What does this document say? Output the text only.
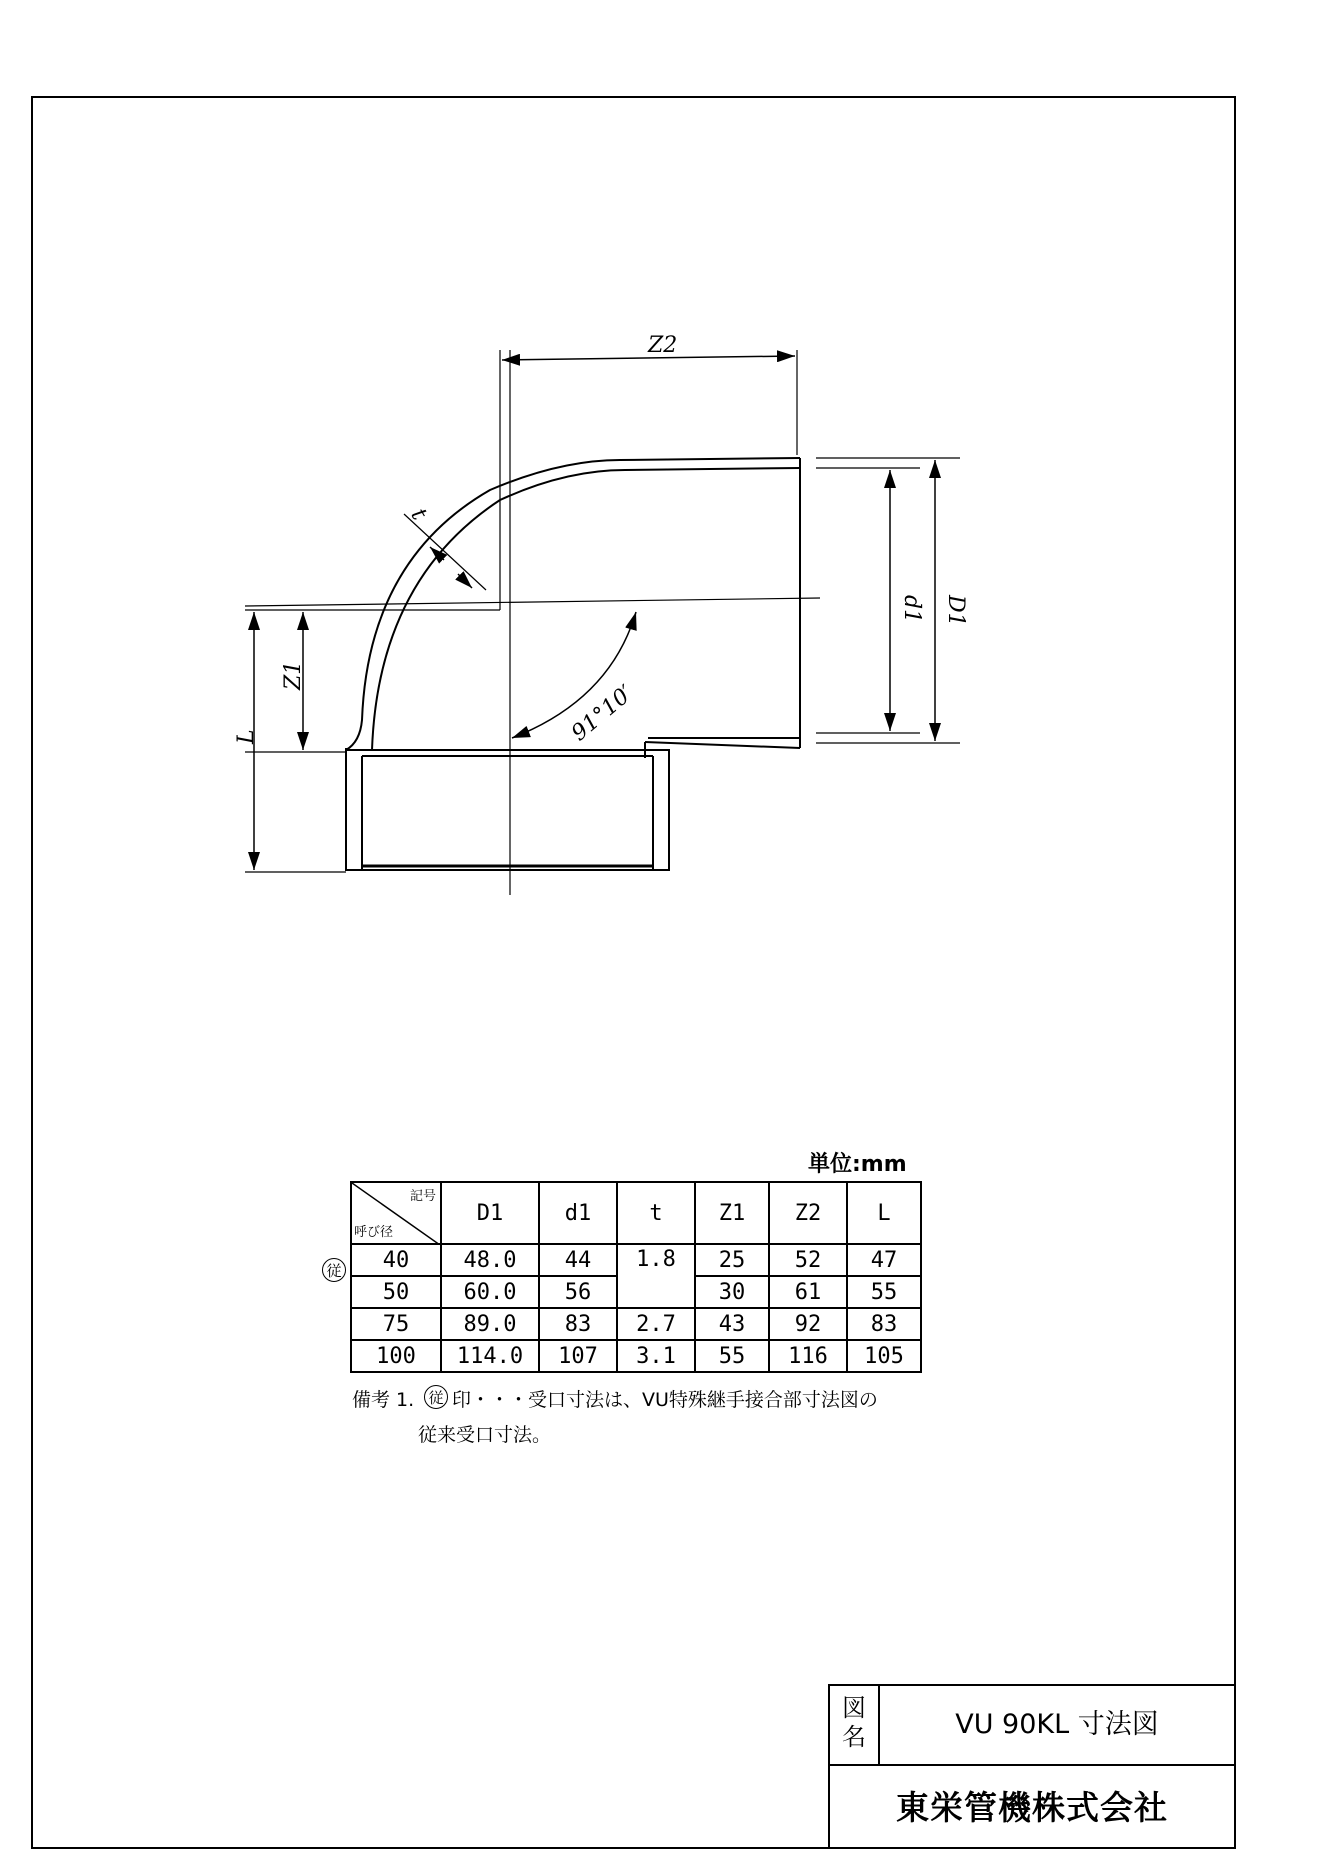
Z2
t
d1 D1
Z1
L	91°10′
単位:mm
記号
呼び径	D1	d1	t	Z1	Z2	L
40	48.0	44	1.8	25	52	47
50	60.0	56		30	61	55
75	89.0	83	2.7	43	92	83
100	114.0	107	3.1	55	116	105
従
備考 1. 従 印・・・受口寸法は、VU特殊継手接合部寸法図の
従来受口寸法。
図
名	VU 90KL 寸法図
東栄管機株式会社
